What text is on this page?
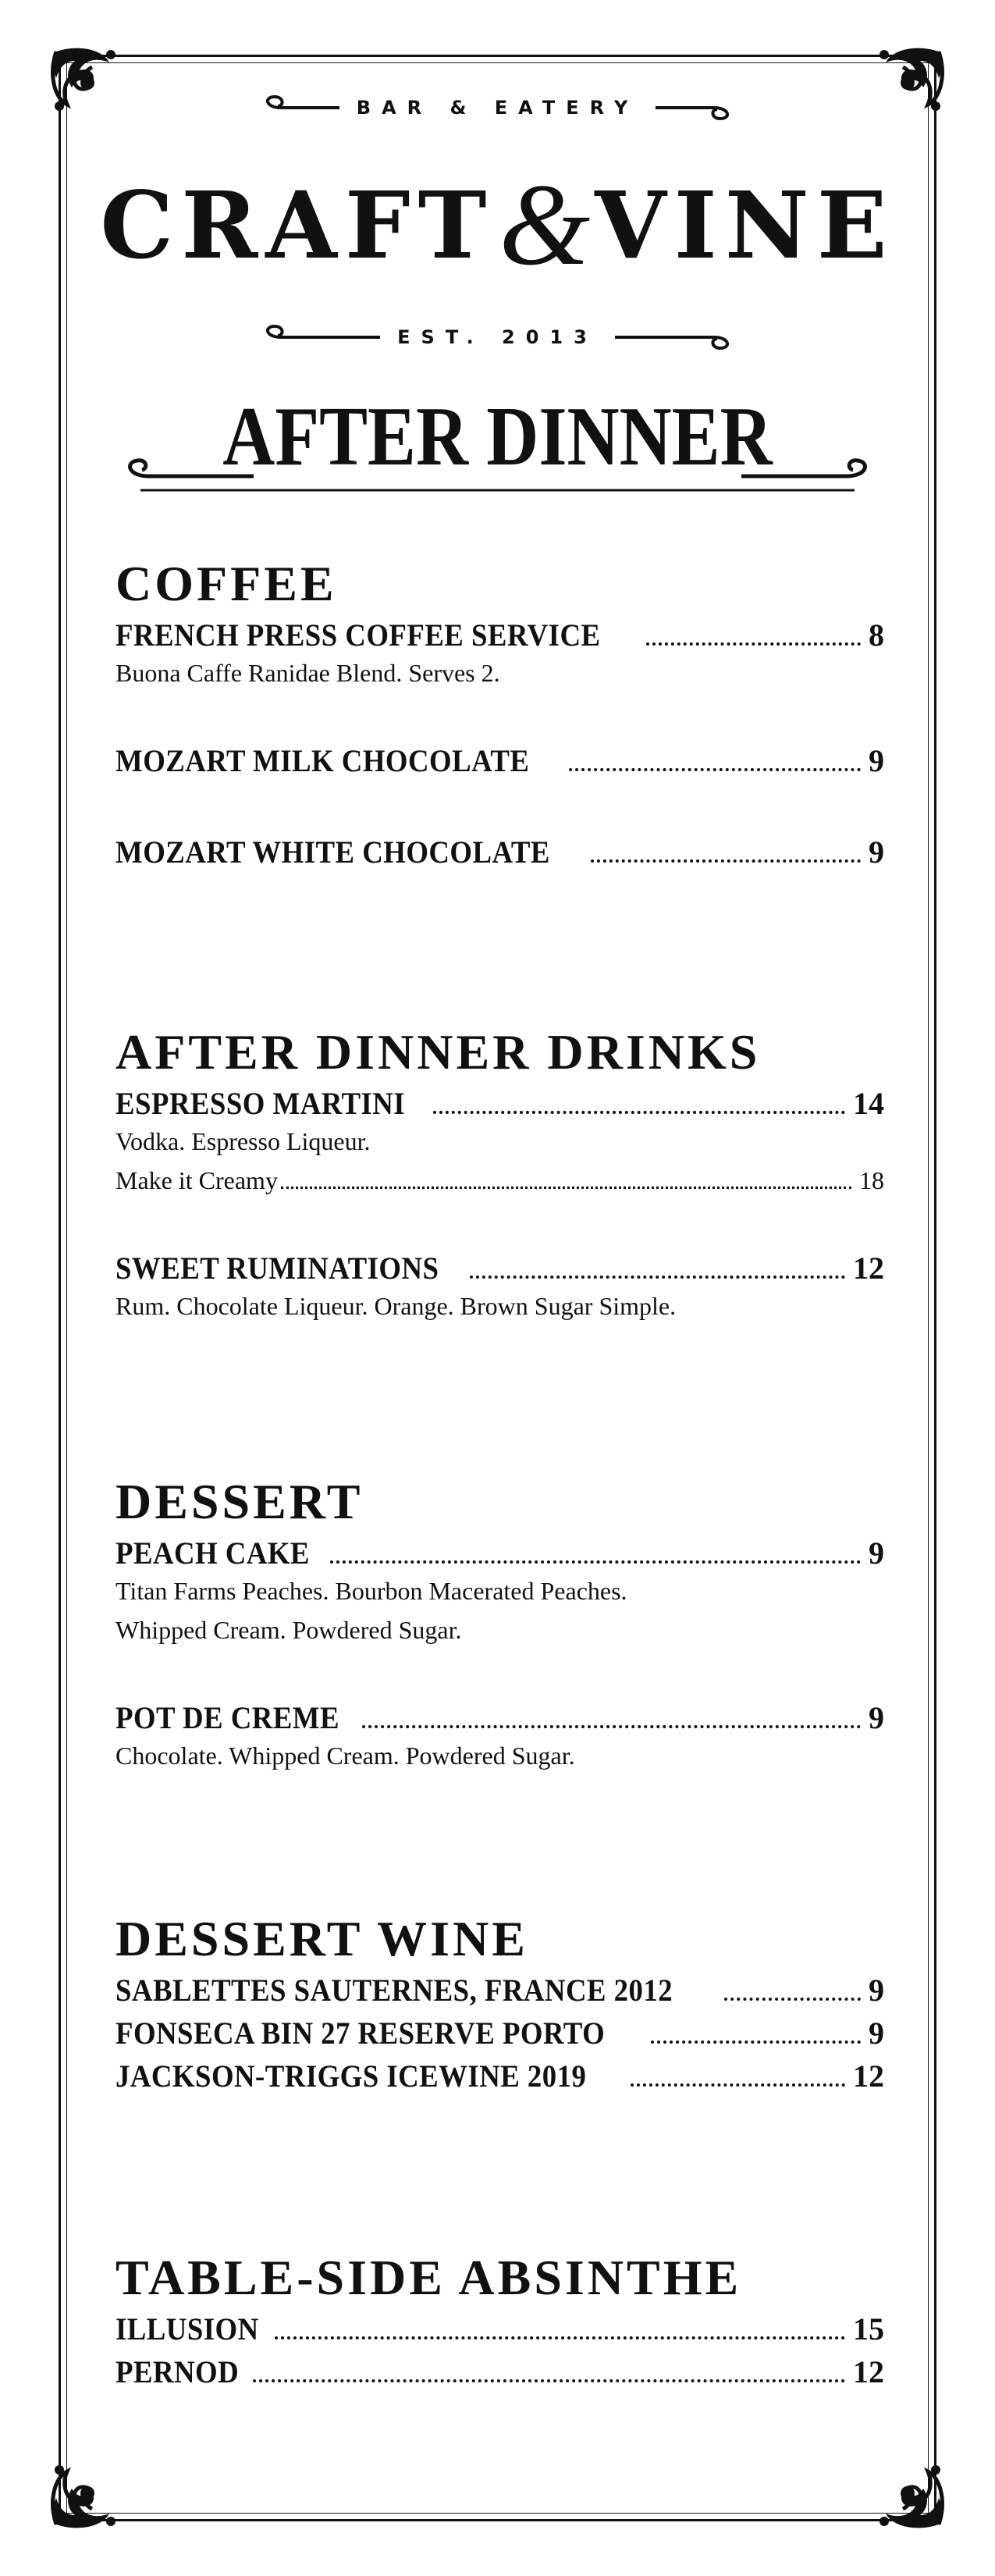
BAR & EATERY
CRAFT&VINE
EST. 2013
AFTER DINNER
COFFEE
FRENCH PRESS COFFEE SERVICE	8
Buona Caffe Ranidae Blend. Serves 2.
MOZART MILK CHOCOLATE	9
MOZART WHITE CHOCOLATE	9
AFTER DINNER DRINKS
ESPRESSO MARTINI	14
Vodka. Espresso Liqueur.
Make it Creamy	18
SWEET RUMINATIONS	12
Rum. Chocolate Liqueur. Orange. Brown Sugar Simple.
DESSERT
PEACH CAKE	9
Titan Farms Peaches. Bourbon Macerated Peaches.
Whipped Cream. Powdered Sugar.
POT DE CREME	9
Chocolate. Whipped Cream. Powdered Sugar.
DESSERT WINE
SABLETTES SAUTERNES, FRANCE 2012	9
FONSECA BIN 27 RESERVE PORTO	9
JACKSON-TRIGGS ICEWINE 2019	12
TABLE-SIDE ABSINTHE
ILLUSION	15
PERNOD	12
